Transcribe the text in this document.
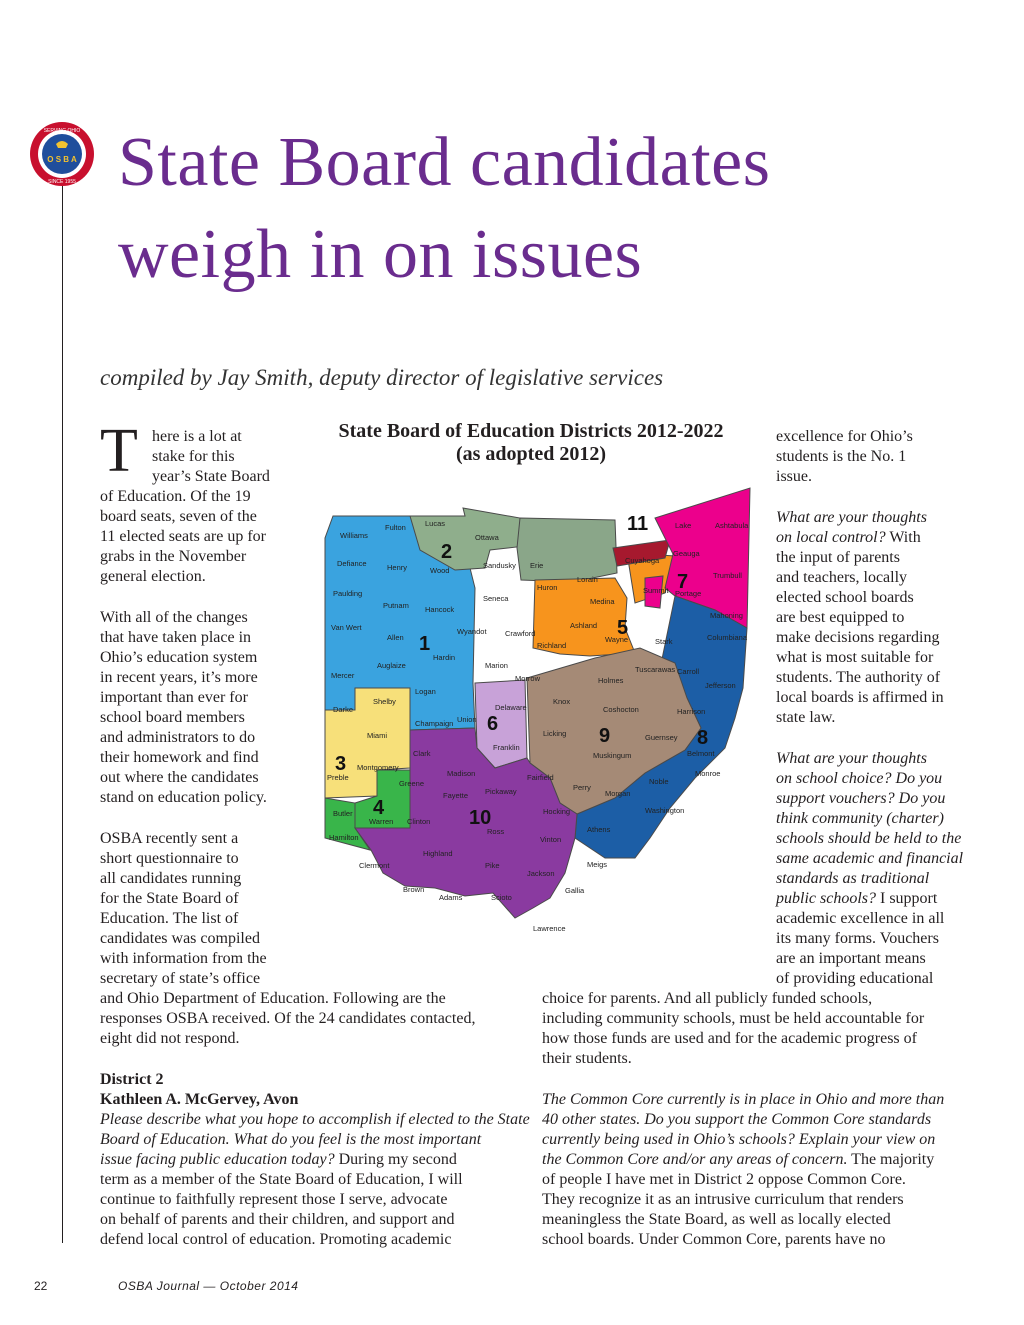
O S B A
SERVING OHIO
SINCE 1955 State Board candidates
weigh in on issues
compiled by Jay Smith, deputy director of legislative services
T here is a lot at
stake for this
year’s State Board
of Education. Of the 19
board seats, seven of the
11 elected seats are up for
grabs in the November
general election.
With all of the changes
that have taken place in
Ohio’s education system
in recent years, it’s more
important than ever for
school board members
and administrators to do
their homework and find
out where the candidates
stand on education policy.
OSBA recently sent a
short questionnaire to
all candidates running
for the State Board of
Education. The list of
candidates was compiled
with information from the
secretary of state’s office
and Ohio Department of Education. Following are the
responses OSBA received. Of the 24 candidates contacted,
eight did not respond.
District 2
Kathleen A. McGervey, Avon
Please describe what you hope to accomplish if elected to the State
Board of Education. What do you feel is the most important
issue facing public education today? During my second
term as a member of the State Board of Education, I will
continue to faithfully represent those I serve, advocate
on behalf of parents and their children, and support and
defend local control of education. Promoting academic
State Board of Education Districts 2012-2022
(as adopted 2012)
Williams
Fulton	Lucas
Ottawa
Defiance	Henry	Wood
Sandusky Erie
Lake	Ashtabula
Geauga
Cuyahoga
Trumbull
Lorain
Huron
Medina
Summit Portage
Paulding
Putnam Hancock
Seneca
Mahoning
Van Wert
Allen
Wyandot Crawford
Richland
Ashland
Wayne	Stark	Columbiana
Hardin
Marion
Morrow	Holmes
Tuscarawas Carroll
Jefferson
Mercer
Auglaize
Logan
Knox
Coshocton	Harrison
Shelby
Union
Delaware
Licking	Guernsey
Belmont
Darke
Champaign
Miami
Franklin
Muskingum
Noble
Monroe
Preble
Montgomery
Clark
Madison	Fairfield
Perry
Morgan
Washington
Greene
Fayette Pickaway
Hocking
Butler
Warren Clinton
Ross
Vinton
Athens
Hamilton
Clermont
Highland
Pike
Jackson
Meigs
Gallia
Brown
Adams	Scioto
Lawrence
1
2
3
4
5
6
7
8
9
10
11
excellence for Ohio’s
students is the No. 1
issue.
What are your thoughts
on local control? With
the input of parents
and teachers, locally
elected school boards
are best equipped to
make decisions regarding
what is most suitable for
students. The authority of
local boards is affirmed in
state law.
What are your thoughts
on school choice? Do you
support vouchers? Do you
think community (charter)
schools should be held to the
same academic and financial
standards as traditional
public schools? I support
academic excellence in all
its many forms. Vouchers
are an important means
of providing educational
choice for parents. And all publicly funded schools,
including community schools, must be held accountable for
how those funds are used and for the academic progress of
their students.
The Common Core currently is in place in Ohio and more than
40 other states. Do you support the Common Core standards
currently being used in Ohio’s schools? Explain your view on
the Common Core and/or any areas of concern. The majority
of people I have met in District 2 oppose Common Core.
They recognize it as an intrusive curriculum that renders
meaningless the State Board, as well as locally elected
school boards. Under Common Core, parents have no
22	OSBA Journal — October 2014
